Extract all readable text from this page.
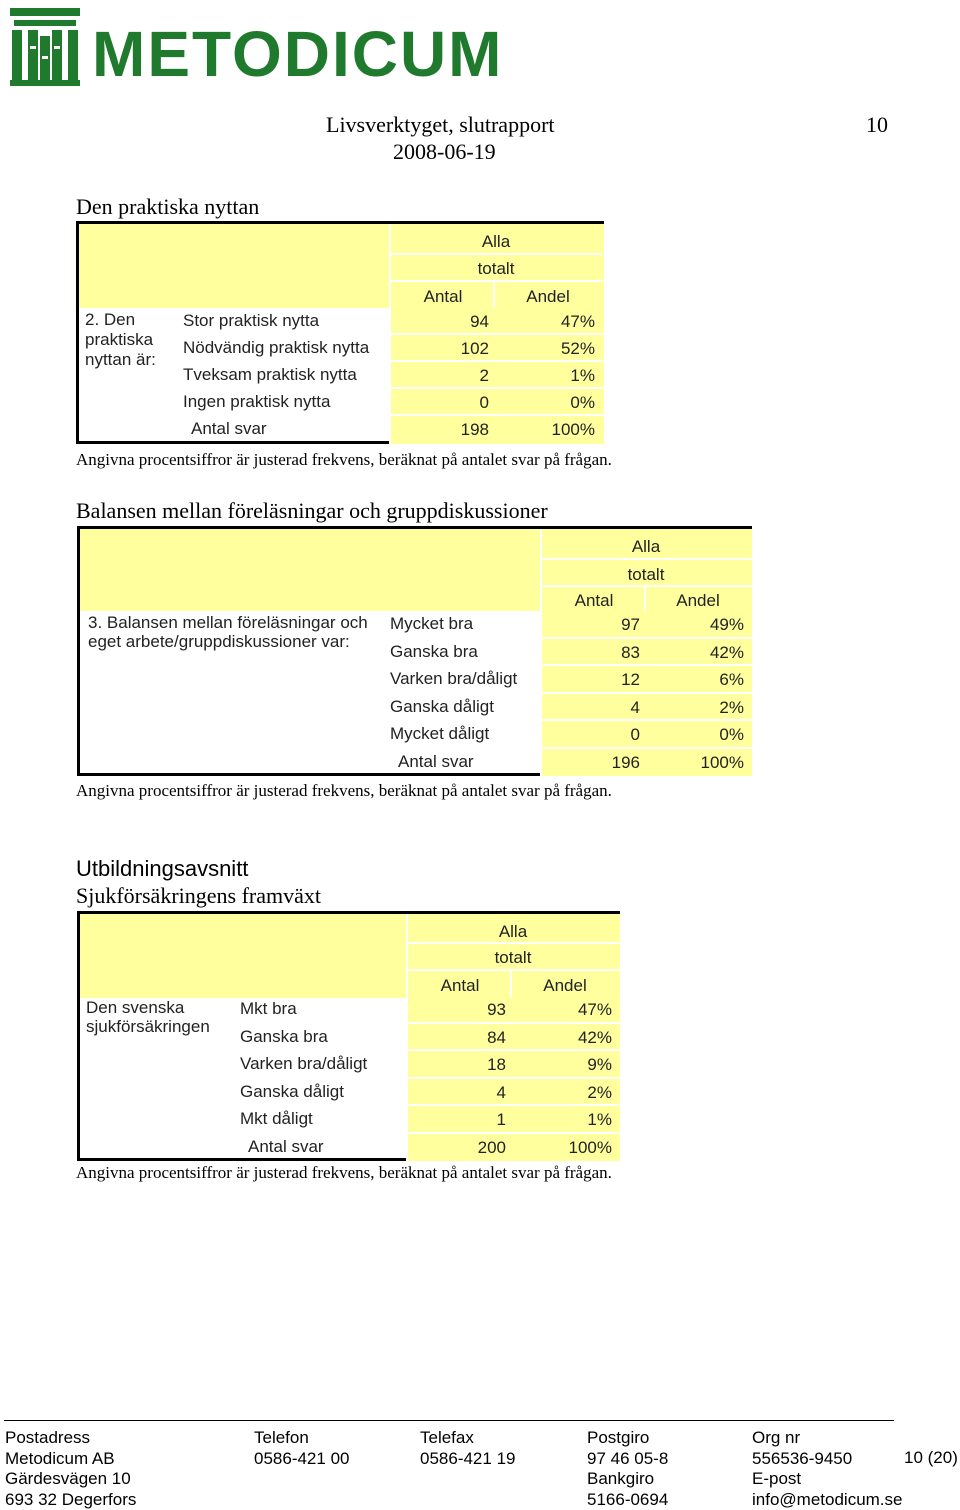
METODICUM
Livsverktyget, slutrapport	10
2008-06-19
Den praktiska nyttan
Alla
totalt
Antal	Andel
2. Den praktiska nyttan är:
Stor praktisk nytta	94	47%
Nödvändig praktisk nytta	102	52%
Tveksam praktisk nytta	2	1%
Ingen praktisk nytta	0	0%
Antal svar	198	100%
Angivna procentsiffror är justerad frekvens, beräknat på antalet svar på frågan.
Balansen mellan föreläsningar och gruppdiskussioner
Alla
totalt
Antal	Andel
3. Balansen mellan föreläsningar och eget arbete/gruppdiskussioner var:
Mycket bra	97	49%
Ganska bra	83	42%
Varken bra/dåligt	12	6%
Ganska dåligt	4	2%
Mycket dåligt	0	0%
Antal svar	196	100%
Angivna procentsiffror är justerad frekvens, beräknat på antalet svar på frågan.
Utbildningsavsnitt
Sjukförsäkringens framväxt
Alla
totalt
Antal	Andel
Den svenska sjukförsäkringen
Mkt bra	93	47%
Ganska bra	84	42%
Varken bra/dåligt	18	9%
Ganska dåligt	4	2%
Mkt dåligt	1	1%
Antal svar	200	100%
Angivna procentsiffror är justerad frekvens, beräknat på antalet svar på frågan.
Postadress
Metodicum AB
Gärdesvägen 10
693 32 Degerfors
Telefon
0586-421 00
Telefax
0586-421 19
Postgiro
97 46 05-8
Bankgiro
5166-0694
Org nr
556536-9450
E-post
info@metodicum.se
10 (20)
